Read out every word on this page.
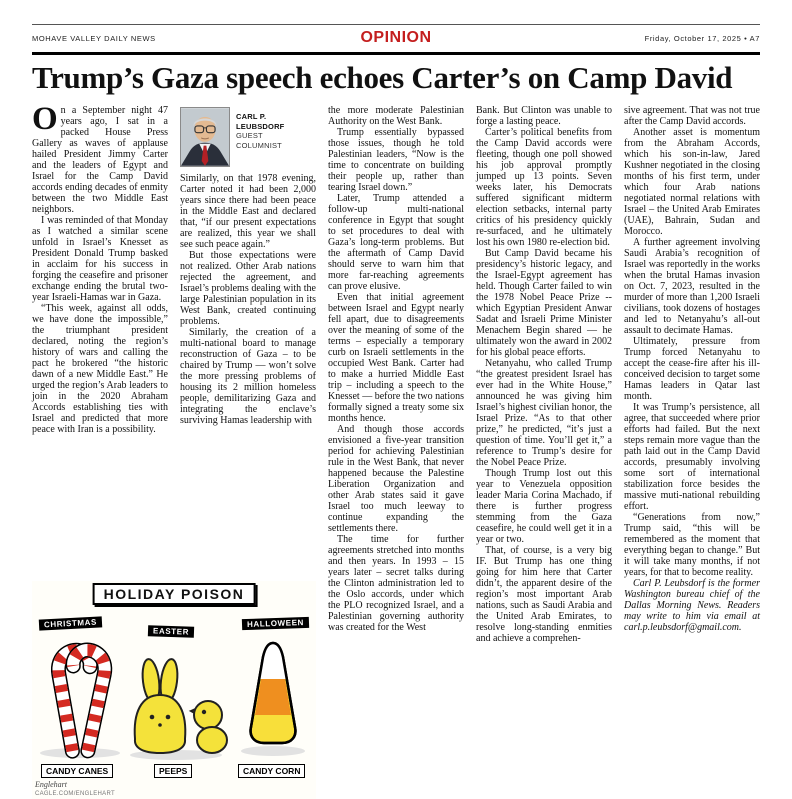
MOHAVE VALLEY DAILY NEWS	OPINION	Friday, October 17, 2025 • A7
Trump’s Gaza speech echoes Carter’s on Camp David

On a September night 47 years ago, I sat in a packed House Press Gallery as waves of applause hailed President Jimmy Carter and the leaders of Egypt and Israel for the Camp David accords ending decades of enmity between the two Middle East neighbors.

I was reminded of that Monday as I watched a similar scene unfold in Israel’s Knesset as President Donald Trump basked in acclaim for his success in forging the ceasefire and prisoner exchange ending the brutal two-year Israeli-Hamas war in Gaza.

“This week, against all odds, we have done the impossible,” the triumphant president declared, noting the region’s history of wars and calling the pact he brokered “the historic dawn of a new Middle East.” He urged the region’s Arab leaders to join in the 2020 Abraham Accords establishing ties with Israel and predicted that more peace with Iran is a possibility.

CARL P.
LEUBSDORF
GUEST
COLUMNIST

Similarly, on that 1978 evening, Carter noted it had been 2,000 years since there had been peace in the Middle East and declared that, “if our present expectations are realized, this year we shall see such peace again.”

But those expectations were not realized. Other Arab nations rejected the agreement, and Israel’s problems dealing with the large Palestinian population in its West Bank, created continuing problems.

Similarly, the creation of a multi-national board to manage reconstruction of Gaza – to be chaired by Trump — won’t solve the more pressing problems of housing its 2 million homeless people, demilitarizing Gaza and integrating the enclave’s surviving Hamas leadership with

HOLIDAY POISON
CHRISTMAS
EASTER
HALLOWEEN
CANDY CANES	PEEPS	CANDY CORN
Englehart
CAGLE.COM/ENGLEHART

the more moderate Palestinian Authority on the West Bank.

Trump essentially bypassed those issues, though he told Palestinian leaders, “Now is the time to concentrate on building their people up, rather than tearing Israel down.”

Later, Trump attended a follow-up multi-national conference in Egypt that sought to set procedures to deal with Gaza’s long-term problems. But the aftermath of Camp David should serve to warn him that more far-reaching agreements can prove elusive.

Even that initial agreement between Israel and Egypt nearly fell apart, due to disagreements over the meaning of some of the terms – especially a temporary curb on Israeli settlements in the occupied West Bank. Carter had to make a hurried Middle East trip – including a speech to the Knesset — before the two nations formally signed a treaty some six months hence.

And though those accords envisioned a five-year transition period for achieving Palestinian rule in the West Bank, that never happened because the Palestine Liberation Organization and other Arab states said it gave Israel too much leeway to continue expanding the settlements there.

The time for further agreements stretched into months and then years. In 1993 – 15 years later – secret talks during the Clinton administration led to the Oslo accords, under which the PLO recognized Israel, and a Palestinian governing authority was created for the West

Bank. But Clinton was unable to forge a lasting peace.

Carter’s political benefits from the Camp David accords were fleeting, though one poll showed his job approval promptly jumped up 13 points. Seven weeks later, his Democrats suffered significant midterm election setbacks, internal party critics of his presidency quickly re-surfaced, and he ultimately lost his own 1980 re-election bid.

But Camp David became his presidency’s historic legacy, and the Israel-Egypt agreement has held. Though Carter failed to win the 1978 Nobel Peace Prize --which Egyptian President Anwar Sadat and Israeli Prime Minister Menachem Begin shared — he ultimately won the award in 2002 for his global peace efforts.

Netanyahu, who called Trump “the greatest president Israel has ever had in the White House,” announced he was giving him Israel’s highest civilian honor, the Israel Prize. “As to that other prize,” he predicted, “it’s just a question of time. You’ll get it,” a reference to Trump’s desire for the Nobel Peace Prize.

Though Trump lost out this year to Venezuela opposition leader Maria Corina Machado, if there is further progress stemming from the Gaza ceasefire, he could well get it in a year or two.

That, of course, is a very big IF. But Trump has one thing going for him here that Carter didn’t, the apparent desire of the region’s most important Arab nations, such as Saudi Arabia and the United Arab Emirates, to resolve long-standing enmities and achieve a comprehen-

sive agreement. That was not true after the Camp David accords.

Another asset is momentum from the Abraham Accords, which his son-in-law, Jared Kushner negotiated in the closing months of his first term, under which four Arab nations negotiated normal relations with Israel – the United Arab Emirates (UAE), Bahrain, Sudan and Morocco.

A further agreement involving Saudi Arabia’s recognition of Israel was reportedly in the works when the brutal Hamas invasion on Oct. 7, 2023, resulted in the murder of more than 1,200 Israeli civilians, took dozens of hostages and led to Netanyahu’s all-out assault to decimate Hamas.

Ultimately, pressure from Trump forced Netanyahu to accept the cease-fire after his ill-conceived decision to target some Hamas leaders in Qatar last month.

It was Trump’s persistence, all agree, that succeeded where prior efforts had failed. But the next steps remain more vague than the path laid out in the Camp David accords, presumably involving some sort of international stabilization force besides the massive muti-national rebuilding effort.

“Generations from now,” Trump said, “this will be remembered as the moment that everything began to change.” But it will take many months, if not years, for that to become reality.

Carl P. Leubsdorf is the former Washington bureau chief of the Dallas Morning News. Readers may write to him via email at carl.p.leubsdorf@gmail.com.
